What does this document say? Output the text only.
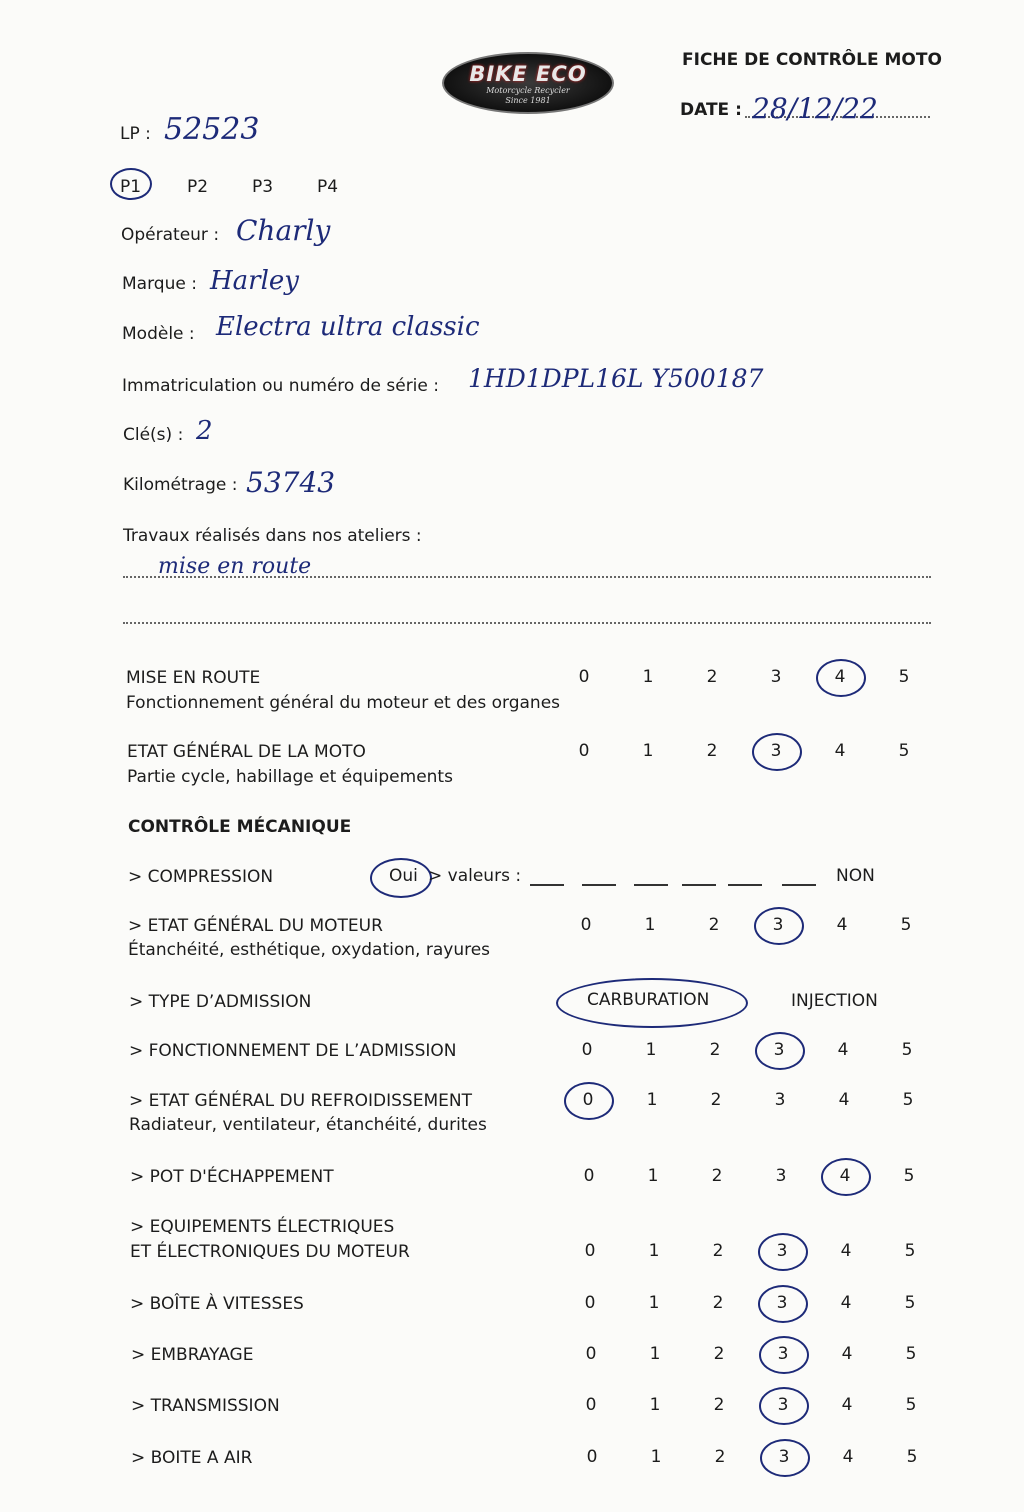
BIKE ECO
Motorcycle Recycler
Since 1981
FICHE DE CONTRÔLE MOTO
DATE : 28/12/22
LP : 52523
P1	P2	P3	P4
Opérateur : Charly
Marque : Harley
Modèle : Electra ultra classic
Immatriculation ou numéro de série : 1HD1DPL16L Y500187
Clé(s) : 2
Kilométrage : 53743
Travaux réalisés dans nos ateliers :
mise en route
MISE EN ROUTE
Fonctionnement général du moteur et des organes
0	1	2	3	4	5
ETAT GÉNÉRAL DE LA MOTO
Partie cycle, habillage et équipements
0	1	2	3	4	5
CONTRÔLE MÉCANIQUE
> COMPRESSION	Oui > valeurs :	NON
> ETAT GÉNÉRAL DU MOTEUR
Étanchéité, esthétique, oxydation, rayures
0	1	2	3	4	5
> TYPE D’ADMISSION	CARBURATION	INJECTION
> FONCTIONNEMENT DE L’ADMISSION	0	1	2	3	4	5
> ETAT GÉNÉRAL DU REFROIDISSEMENT
Radiateur, ventilateur, étanchéité, durites
0	1	2	3	4	5
> POT D'ÉCHAPPEMENT	0	1	2	3	4	5
> EQUIPEMENTS ÉLECTRIQUES
ET ÉLECTRONIQUES DU MOTEUR	0	1	2	3	4	5
> BOÎTE À VITESSES	0	1	2	3	4	5
> EMBRAYAGE	0	1	2	3	4	5
> TRANSMISSION	0	1	2	3	4	5
> BOITE A AIR	0	1	2	3	4	5
